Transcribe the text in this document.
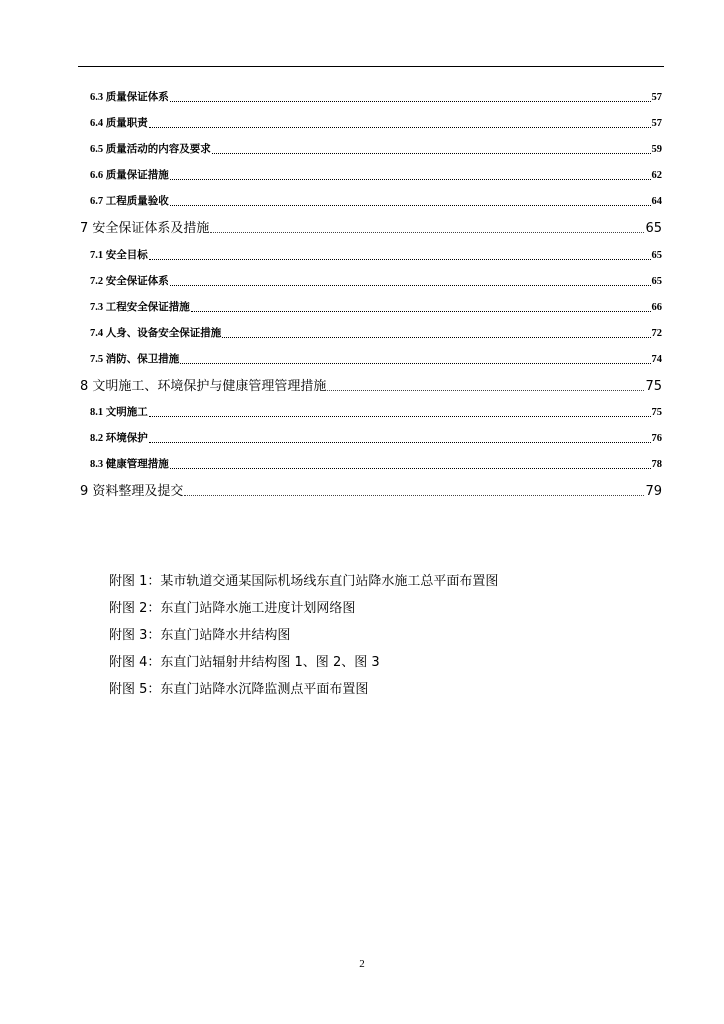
6.3 质量保证体系	57
6.4 质量职责	57
6.5 质量活动的内容及要求	59
6.6 质量保证措施	62
6.7 工程质量验收	64
7 安全保证体系及措施	65
7.1 安全目标	65
7.2 安全保证体系	65
7.3 工程安全保证措施	66
7.4 人身、设备安全保证措施	72
7.5 消防、保卫措施	74
8 文明施工、环境保护与健康管理管理措施	75
8.1 文明施工	75
8.2 环境保护	76
8.3 健康管理措施	78
9 资料整理及提交	79
附图 1：某市轨道交通某国际机场线东直门站降水施工总平面布置图
附图 2：东直门站降水施工进度计划网络图
附图 3：东直门站降水井结构图
附图 4：东直门站辐射井结构图 1、图 2、图 3
附图 5：东直门站降水沉降监测点平面布置图
2
